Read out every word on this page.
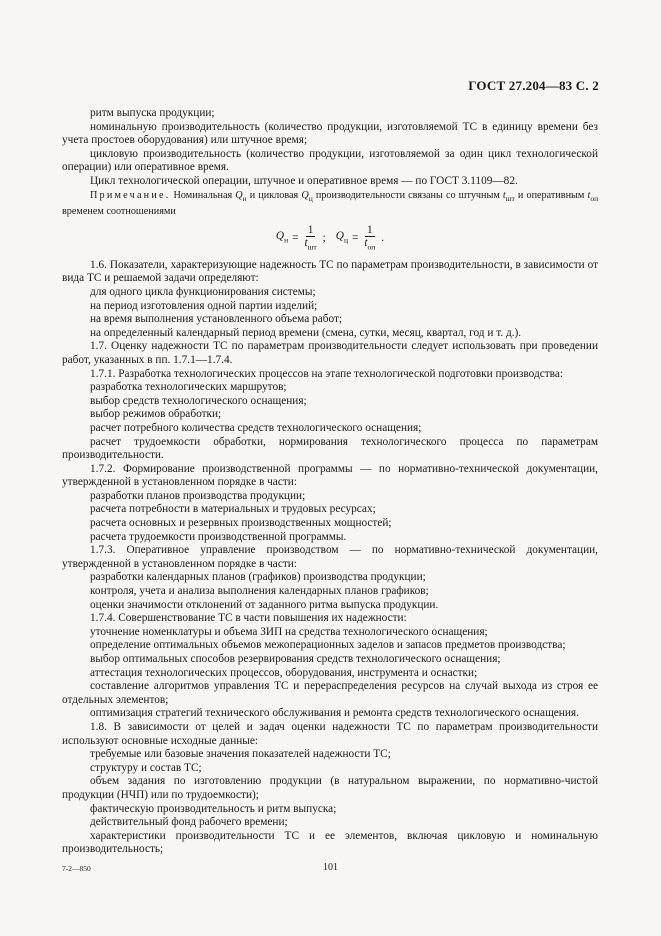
ГОСТ 27.204—83 С. 2

ритм выпуска продукции;

номинальную производительность (количество продукции, изготовляемой ТС в единицу времени без учета простоев оборудования) или штучное время;

цикловую производительность (количество продукции, изготовляемой за один цикл технологической операции) или оперативное время.

Цикл технологической операции, штучное и оперативное время — по ГОСТ 3.1109—82.

Примечание. Номинальная $Q_н$ и цикловая $Q_ц$ производительности связаны со штучным $t_{шт}$ и оперативным $t_{оп}$ временем соотношениями

$Q_н = \frac{1}{t_{шт}}$ ; $Q_ц = \frac{1}{t_{оп}}$ .

1.6. Показатели, характеризующие надежность ТС по параметрам производительности, в зависимости от вида ТС и решаемой задачи определяют:

для одного цикла функционирования системы;

на период изготовления одной партии изделий;

на время выполнения установленного объема работ;

на определенный календарный период времени (смена, сутки, месяц, квартал, год и т. д.).

1.7. Оценку надежности ТС по параметрам производительности следует использовать при проведении работ, указанных в пп. 1.7.1—1.7.4.

1.7.1. Разработка технологических процессов на этапе технологической подготовки производства:

разработка технологических маршрутов;

выбор средств технологического оснащения;

выбор режимов обработки;

расчет потребного количества средств технологического оснащения;

расчет трудоемкости обработки, нормирования технологического процесса по параметрам производительности.

1.7.2. Формирование производственной программы — по нормативно-технической документации, утвержденной в установленном порядке в части:

разработки планов производства продукции;

расчета потребности в материальных и трудовых ресурсах;

расчета основных и резервных производственных мощностей;

расчета трудоемкости производственной программы.

1.7.3. Оперативное управление производством — по нормативно-технической документации, утвержденной в установленном порядке в части:

разработки календарных планов (графиков) производства продукции;

контроля, учета и анализа выполнения календарных планов графиков;

оценки значимости отклонений от заданного ритма выпуска продукции.

1.7.4. Совершенствование ТС в части повышения их надежности:

уточнение номенклатуры и объема ЗИП на средства технологического оснащения;

определение оптимальных объемов межоперационных заделов и запасов предметов производства;

выбор оптимальных способов резервирования средств технологического оснащения;

аттестация технологических процессов, оборудования, инструмента и оснастки;

составление алгоритмов управления ТС и перераспределения ресурсов на случай выхода из строя ее отдельных элементов;

оптимизация стратегий технического обслуживания и ремонта средств технологического оснащения.

1.8. В зависимости от целей и задач оценки надежности ТС по параметрам производительности используют основные исходные данные:

требуемые или базовые значения показателей надежности ТС;

структуру и состав ТС;

объем задания по изготовлению продукции (в натуральном выражении, по нормативно-чистой продукции (НЧП) или по трудоемкости);

фактическую производительность и ритм выпуска;

действительный фонд рабочего времени;

характеристики производительности ТС и ее элементов, включая цикловую и номинальную производительность;

7-2—850	101
